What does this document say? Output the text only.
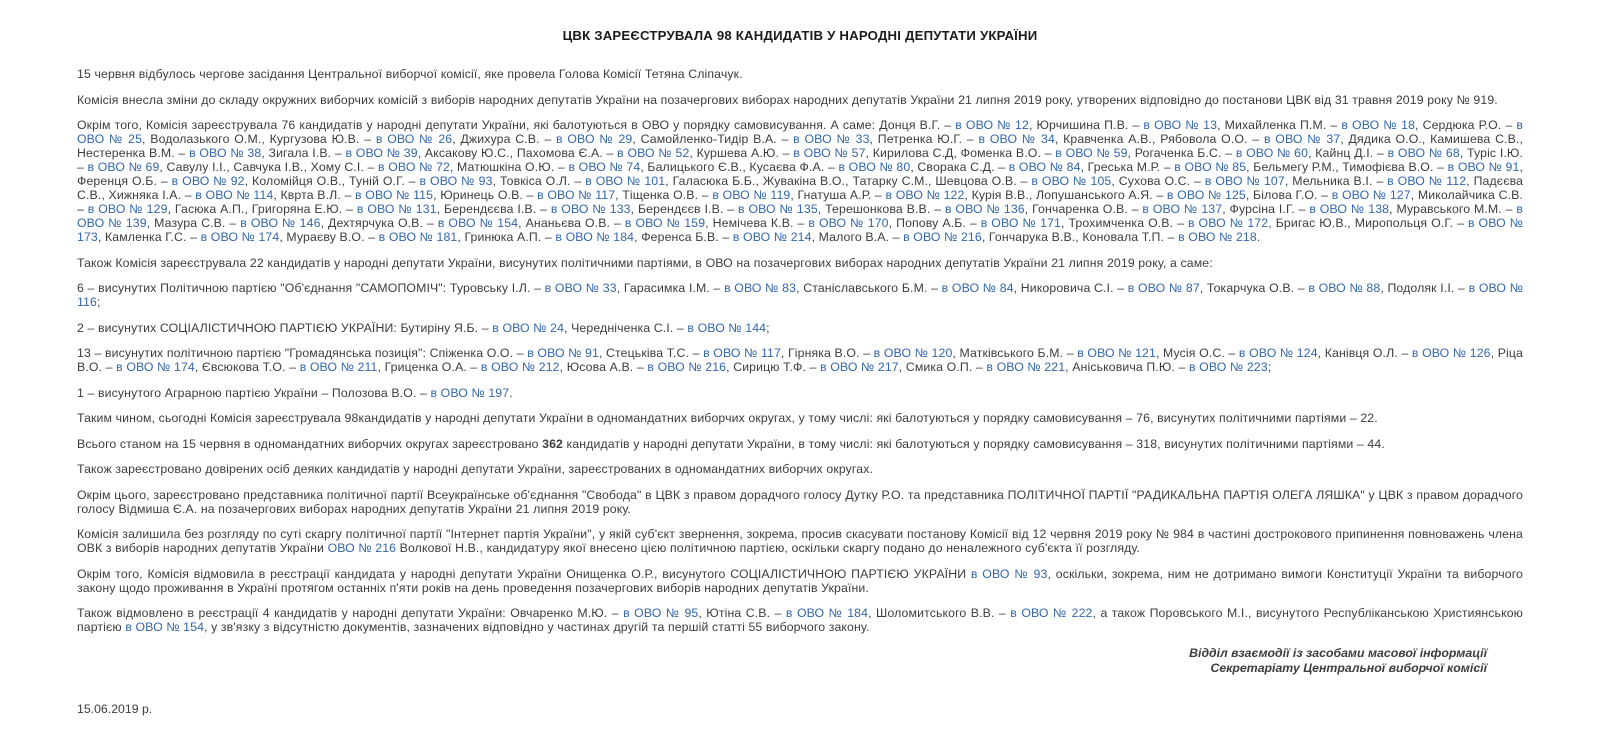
ЦВК ЗАРЕЄСТРУВАЛА 98 КАНДИДАТІВ У НАРОДНІ ДЕПУТАТИ УКРАЇНИ

15 червня відбулось чергове засідання Центральної виборчої комісії, яке провела Голова Комісії Тетяна Сліпачук.

Комісія внесла зміни до складу окружних виборчих комісій з виборів народних депутатів України на позачергових виборах народних депутатів України 21 липня 2019 року, утворених відповідно до постанови ЦВК від 31 травня 2019 року № 919.

Окрім того, Комісія зареєструвала 76 кандидатів у народні депутати України, які балотуються в ОВО у порядку самовисування. А саме: Донця В.Г. – в ОВО № 12, Юрчишина П.В. – в ОВО № 13, Михайленка П.М. – в ОВО № 18, Сердюка Р.О. – в ОВО № 25, Водолазького О.М., Кургузова Ю.В. – в ОВО № 26, Джихура С.В. – в ОВО № 29, Самойленко-Тидір В.А. – в ОВО № 33, Петренка Ю.Г. – в ОВО № 34, Кравченка А.В., Рябовола О.О. – в ОВО № 37, Дядика О.О., Камишева С.В., Нестеренка В.М. – в ОВО № 38, Зигала І.В. – в ОВО № 39, Аксакову Ю.С., Пахомова Є.А. – в ОВО № 52, Куршева А.Ю. – в ОВО № 57, Кирилова С.Д, Фоменка В.О. – в ОВО № 59, Рогаченка Б.С. – в ОВО № 60, Кайнц Д.І. – в ОВО № 68, Туріс І.Ю. – в ОВО № 69, Савулу І.І., Савчука І.В., Хому С.І. – в ОВО № 72, Матюшкіна О.Ю. – в ОВО № 74, Балицького Є.В., Кусаєва Ф.А. – в ОВО № 80, Сворака С.Д. – в ОВО № 84, Греська М.Р. – в ОВО № 85, Бельмегу Р.М., Тимофієва В.О. – в ОВО № 91, Ференця О.Б. – в ОВО № 92, Коломійця О.В., Туній О.Г. – в ОВО № 93, Товкіса О.Л. – в ОВО № 101, Галасюка Б.Б., Жувакіна В.О., Татарку С.М., Шевцова О.В. – в ОВО № 105, Сухова О.С. – в ОВО № 107, Мельника В.І. – в ОВО № 112, Падєєва С.В., Хижняка І.А. – в ОВО № 114, Кврта В.Л. – в ОВО № 115, Юринець О.В. – в ОВО № 117, Тіщенка О.В. – в ОВО № 119, Гнатуша А.Р. – в ОВО № 122, Курія В.В., Лопушанського А.Я. – в ОВО № 125, Білова Г.О. – в ОВО № 127, Миколайчика С.В. – в ОВО № 129, Гасюка А.П., Григоряна Е.Ю. – в ОВО № 131, Берендєєва І.В. – в ОВО № 133, Берендєєв І.В. – в ОВО № 135, Терешонкова В.В. – в ОВО № 136, Гончаренка О.В. – в ОВО № 137, Фурсіна І.Г. – в ОВО № 138, Муравського М.М. – в ОВО № 139, Мазура С.В. – в ОВО № 146, Дехтярчука О.В. – в ОВО № 154, Ананьєва О.В. – в ОВО № 159, Немічева К.В. – в ОВО № 170, Попову А.Б. – в ОВО № 171, Трохимченка О.В. – в ОВО № 172, Бригас Ю.В., Миропольця О.Г. – в ОВО № 173, Камленка Г.С. – в ОВО № 174, Мураєву В.О. – в ОВО № 181, Гринюка А.П. – в ОВО № 184, Ференса Б.В. – в ОВО № 214, Малого В.А. – в ОВО № 216, Гончарука В.В., Коновала Т.П. – в ОВО № 218.

Також Комісія зареєструвала 22 кандидатів у народні депутати України, висунутих політичними партіями, в ОВО на позачергових виборах народних депутатів України 21 липня 2019 року, а саме:

6 – висунутих Політичною партією "Об'єднання "САМОПОМІЧ": Туровську І.Л. – в ОВО № 33, Гарасимка І.М. – в ОВО № 83, Станіславського Б.М. – в ОВО № 84, Никоровича С.І. – в ОВО № 87, Токарчука О.В. – в ОВО № 88, Подоляк І.І. – в ОВО № 116;

2 – висунутих СОЦІАЛІСТИЧНОЮ ПАРТІЄЮ УКРАЇНИ: Бутиріну Я.Б. – в ОВО № 24, Чередніченка С.І. – в ОВО № 144;

13 – висунутих політичною партією "Громадянська позиція": Спіженка О.О. – в ОВО № 91, Стецьківа Т.С. – в ОВО № 117, Гірняка В.О. – в ОВО № 120, Матківського Б.М. – в ОВО № 121, Мусія О.С. – в ОВО № 124, Канівця О.Л. – в ОВО № 126, Ріца В.О. – в ОВО № 174, Євсюкова Т.О. – в ОВО № 211, Гриценка О.А. – в ОВО № 212, Юсова А.В. – в ОВО № 216, Сирицю Т.Ф. – в ОВО № 217, Смика О.П. – в ОВО № 221, Аніськовича П.Ю. – в ОВО № 223;

1 – висунутого Аграрною партією України – Полозова В.О. – в ОВО № 197.

Таким чином, сьогодні Комісія зареєструвала 98кандидатів у народні депутати України в одномандатних виборчих округах, у тому числі: які балотуються у порядку самовисування – 76, висунутих політичними партіями – 22.

Всього станом на 15 червня в одномандатних виборчих округах зареєстровано 362 кандидатів у народні депутати України, в тому числі: які балотуються у порядку самовисування – 318, висунутих політичними партіями – 44.

Також зареєстровано довірених осіб деяких кандидатів у народні депутати України, зареєстрованих в одномандатних виборчих округах.

Окрім цього, зареєстровано представника політичної партії Всеукраїнське об'єднання "Свобода" в ЦВК з правом дорадчого голосу Дутку Р.О. та представника ПОЛІТИЧНОЇ ПАРТІЇ "РАДИКАЛЬНА ПАРТІЯ ОЛЕГА ЛЯШКА" у ЦВК з правом дорадчого голосу Відмиша Є.А. на позачергових виборах народних депутатів України 21 липня 2019 року.

Комісія залишила без розгляду по суті скаргу політичної партії "Інтернет партія України", у якій суб'єкт звернення, зокрема, просив скасувати постанову Комісії від 12 червня 2019 року № 984 в частині дострокового припинення повноважень члена ОВК з виборів народних депутатів України ОВО № 216 Волкової Н.В., кандидатуру якої внесено цією політичною партією, оскільки скаргу подано до неналежного суб'єкта її розгляду.

Окрім того, Комісія відмовила в реєстрації кандидата у народні депутати України Онищенка О.Р., висунутого СОЦІАЛІСТИЧНОЮ ПАРТІЄЮ УКРАЇНИ в ОВО № 93, оскільки, зокрема, ним не дотримано вимоги Конституції України та виборчого закону щодо проживання в Україні протягом останніх п'яти років на день проведення позачергових виборів народних депутатів України.

Також відмовлено в реєстрації 4 кандидатів у народні депутати України: Овчаренко М.Ю. – в ОВО № 95, Ютіна С.В. – в ОВО № 184, Шоломитського В.В. – в ОВО № 222, а також Поровського М.І., висунутого Республіканською Християнською партією в ОВО № 154, у зв'язку з відсутністю документів, зазначених відповідно у частинах другій та першій статті 55 виборчого закону.

Відділ взаємодії із засобами масової інформації
Секретаріату Центральної виборчої комісії

15.06.2019 р.
